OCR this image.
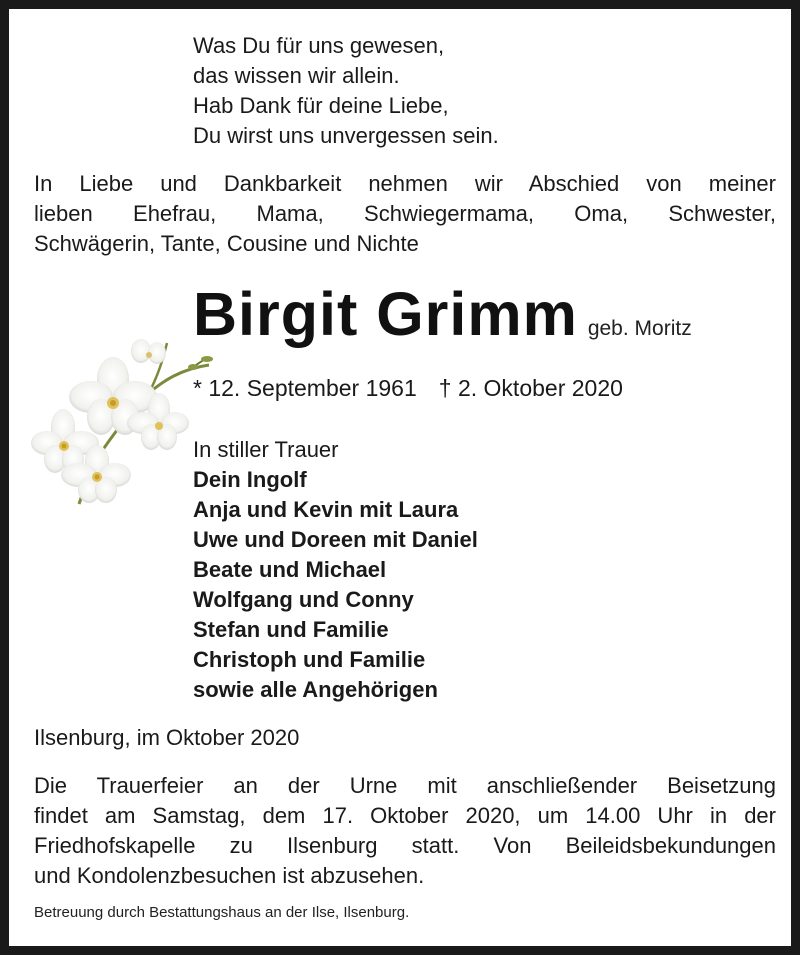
Was Du für uns gewesen,
das wissen wir allein.
Hab Dank für deine Liebe,
Du wirst uns unvergessen sein.
In Liebe und Dankbarkeit nehmen wir Abschied von meiner
lieben Ehefrau, Mama, Schwiegermama, Oma, Schwester,
Schwägerin, Tante, Cousine und Nichte
Birgit Grimm geb. Moritz
* 12. September 1961 † 2. Oktober 2020
In stiller Trauer
Dein Ingolf
Anja und Kevin mit Laura
Uwe und Doreen mit Daniel
Beate und Michael
Wolfgang und Conny
Stefan und Familie
Christoph und Familie
sowie alle Angehörigen
Ilsenburg, im Oktober 2020
Die Trauerfeier an der Urne mit anschließender Beisetzung
findet am Samstag, dem 17. Oktober 2020, um 14.00 Uhr in der
Friedhofskapelle zu Ilsenburg statt. Von Beileidsbekundungen
und Kondolenzbesuchen ist abzusehen.
Betreuung durch Bestattungshaus an der Ilse, Ilsenburg.
